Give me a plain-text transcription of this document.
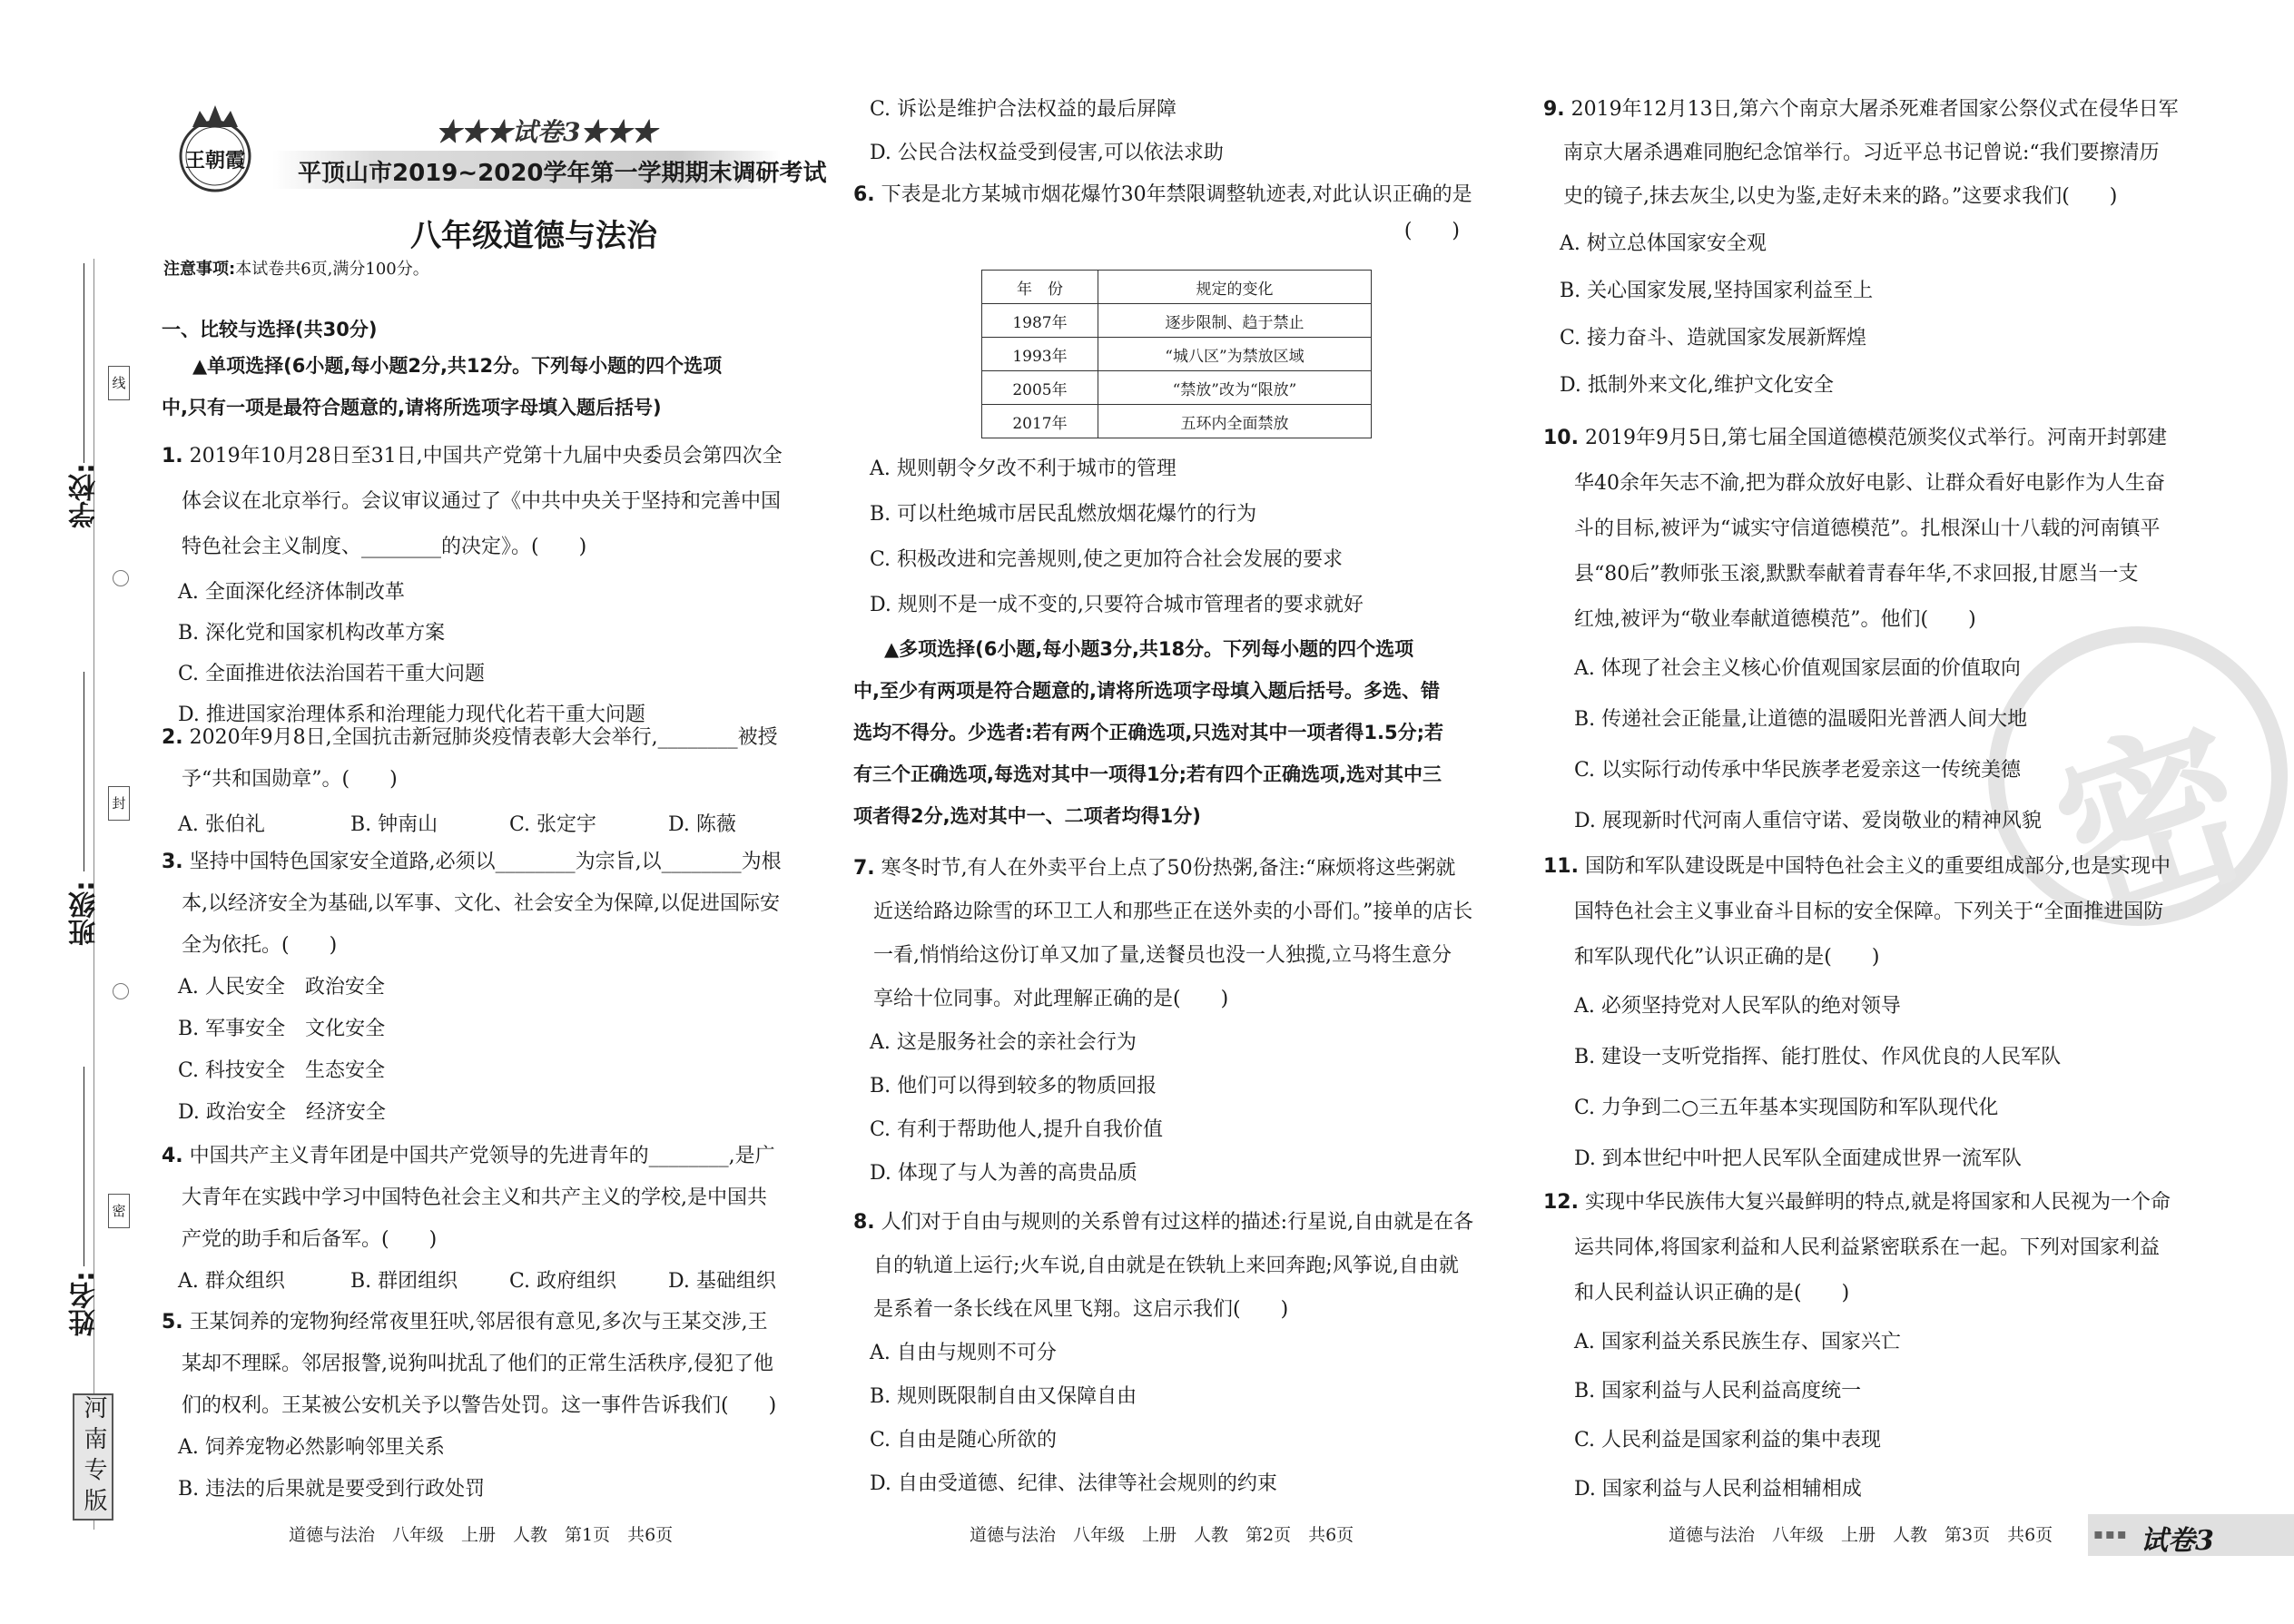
学校:
班级:
姓名:
线
封
密
河南专版
王朝霞
★★★试卷3★★★
平顶山市2019~2020学年第一学期期末调研考试
八年级道德与法治
注意事项:本试卷共6页,满分100分。
一、比较与选择(共30分)
▲单项选择(6小题,每小题2分,共12分。下列每小题的四个选项
中,只有一项是最符合题意的,请将所选项字母填入题后括号)
1. 2019年10月28日至31日,中国共产党第十九届中央委员会第四次全
体会议在北京举行。会议审议通过了《中共中央关于坚持和完善中国
特色社会主义制度、________的决定》。(　　)
A. 全面深化经济体制改革
B. 深化党和国家机构改革方案
C. 全面推进依法治国若干重大问题
D. 推进国家治理体系和治理能力现代化若干重大问题
2. 2020年9月8日,全国抗击新冠肺炎疫情表彰大会举行,________被授
予“共和国勋章”。(　　)
A. 张伯礼	B. 钟南山	C. 张定宇	D. 陈薇
3. 坚持中国特色国家安全道路,必须以________为宗旨,以________为根
本,以经济安全为基础,以军事、文化、社会安全为保障,以促进国际安
全为依托。(　　)
A. 人民安全　政治安全
B. 军事安全　文化安全
C. 科技安全　生态安全
D. 政治安全　经济安全
4. 中国共产主义青年团是中国共产党领导的先进青年的________,是广
大青年在实践中学习中国特色社会主义和共产主义的学校,是中国共
产党的助手和后备军。(　　)
A. 群众组织	B. 群团组织	C. 政府组织	D. 基础组织
5. 王某饲养的宠物狗经常夜里狂吠,邻居很有意见,多次与王某交涉,王
某却不理睬。邻居报警,说狗叫扰乱了他们的正常生活秩序,侵犯了他
们的权利。王某被公安机关予以警告处罚。这一事件告诉我们(　　)
A. 饲养宠物必然影响邻里关系
B. 违法的后果就是要受到行政处罚
道德与法治　八年级　上册　人教　第1页　共6页
C. 诉讼是维护合法权益的最后屏障
D. 公民合法权益受到侵害,可以依法求助
6. 下表是北方某城市烟花爆竹30年禁限调整轨迹表,对此认识正确的是
(　　)
年　份	规定的变化
1987年	逐步限制、趋于禁止
1993年	“城八区”为禁放区域
2005年	“禁放”改为“限放”
2017年	五环内全面禁放
A. 规则朝令夕改不利于城市的管理
B. 可以杜绝城市居民乱燃放烟花爆竹的行为
C. 积极改进和完善规则,使之更加符合社会发展的要求
D. 规则不是一成不变的,只要符合城市管理者的要求就好
▲多项选择(6小题,每小题3分,共18分。下列每小题的四个选项
中,至少有两项是符合题意的,请将所选项字母填入题后括号。多选、错
选均不得分。少选者:若有两个正确选项,只选对其中一项者得1.5分;若
有三个正确选项,每选对其中一项得1分;若有四个正确选项,选对其中三
项者得2分,选对其中一、二项者均得1分)
7. 寒冬时节,有人在外卖平台上点了50份热粥,备注:“麻烦将这些粥就
近送给路边除雪的环卫工人和那些正在送外卖的小哥们。”接单的店长
一看,悄悄给这份订单又加了量,送餐员也没一人独揽,立马将生意分
享给十位同事。对此理解正确的是(　　)
A. 这是服务社会的亲社会行为
B. 他们可以得到较多的物质回报
C. 有利于帮助他人,提升自我价值
D. 体现了与人为善的高贵品质
8. 人们对于自由与规则的关系曾有过这样的描述:行星说,自由就是在各
自的轨道上运行;火车说,自由就是在铁轨上来回奔跑;风筝说,自由就
是系着一条长线在风里飞翔。这启示我们(　　)
A. 自由与规则不可分
B. 规则既限制自由又保障自由
C. 自由是随心所欲的
D. 自由受道德、纪律、法律等社会规则的约束
道德与法治　八年级　上册　人教　第2页　共6页
密
9. 2019年12月13日,第六个南京大屠杀死难者国家公祭仪式在侵华日军
南京大屠杀遇难同胞纪念馆举行。习近平总书记曾说:“我们要擦清历
史的镜子,抹去灰尘,以史为鉴,走好未来的路。”这要求我们(　　)
A. 树立总体国家安全观
B. 关心国家发展,坚持国家利益至上
C. 接力奋斗、造就国家发展新辉煌
D. 抵制外来文化,维护文化安全
10. 2019年9月5日,第七届全国道德模范颁奖仪式举行。河南开封郭建
华40余年矢志不渝,把为群众放好电影、让群众看好电影作为人生奋
斗的目标,被评为“诚实守信道德模范”。扎根深山十八载的河南镇平
县“80后”教师张玉滚,默默奉献着青春年华,不求回报,甘愿当一支
红烛,被评为“敬业奉献道德模范”。他们(　　)
A. 体现了社会主义核心价值观国家层面的价值取向
B. 传递社会正能量,让道德的温暖阳光普洒人间大地
C. 以实际行动传承中华民族孝老爱亲这一传统美德
D. 展现新时代河南人重信守诺、爱岗敬业的精神风貌
11. 国防和军队建设既是中国特色社会主义的重要组成部分,也是实现中
国特色社会主义事业奋斗目标的安全保障。下列关于“全面推进国防
和军队现代化”认识正确的是(　　)
A. 必须坚持党对人民军队的绝对领导
B. 建设一支听党指挥、能打胜仗、作风优良的人民军队
C. 力争到二○三五年基本实现国防和军队现代化
D. 到本世纪中叶把人民军队全面建成世界一流军队
12. 实现中华民族伟大复兴最鲜明的特点,就是将国家和人民视为一个命
运共同体,将国家利益和人民利益紧密联系在一起。下列对国家利益
和人民利益认识正确的是(　　)
A. 国家利益关系民族生存、国家兴亡
B. 国家利益与人民利益高度统一
C. 人民利益是国家利益的集中表现
D. 国家利益与人民利益相辅相成
道德与法治　八年级　上册　人教　第3页　共6页	▪▪▪ 试卷3
